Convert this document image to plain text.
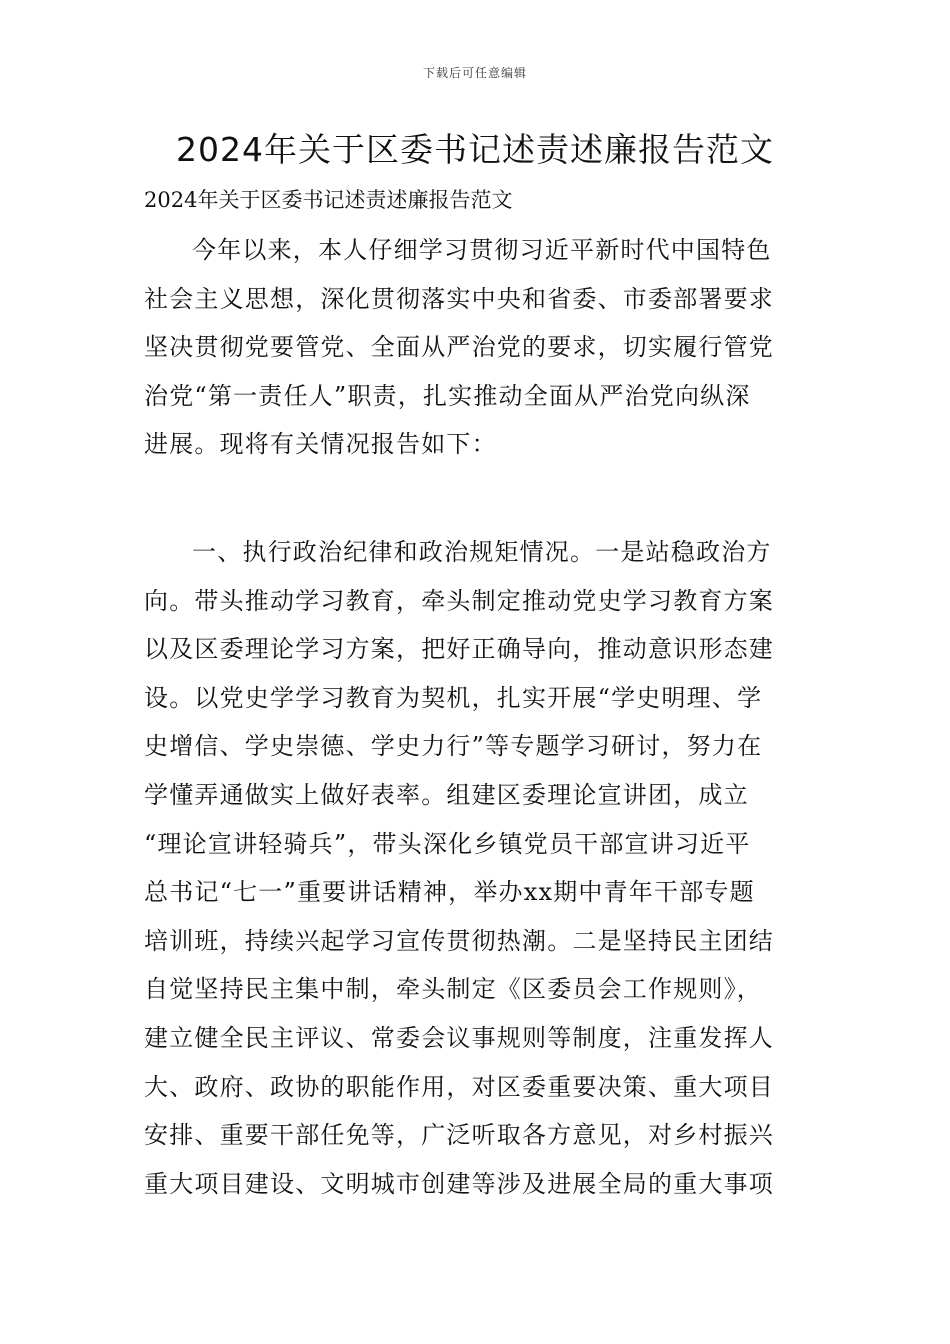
下载后可任意编辑
2024年关于区委书记述责述廉报告范文
2024年关于区委书记述责述廉报告范文
今年以来，本人仔细学习贯彻习近平新时代中国特色
社会主义思想，深化贯彻落实中央和省委、市委部署要求
坚决贯彻党要管党、全面从严治党的要求，切实履行管党
治党“第一责任人”职责，扎实推动全面从严治党向纵深
进展。现将有关情况报告如下：
一、执行政治纪律和政治规矩情况。一是站稳政治方
向。带头推动学习教育，牵头制定推动党史学习教育方案
以及区委理论学习方案，把好正确导向，推动意识形态建
设。以党史学学习教育为契机，扎实开展“学史明理、学
史增信、学史崇德、学史力行”等专题学习研讨，努力在
学懂弄通做实上做好表率。组建区委理论宣讲团，成立
“理论宣讲轻骑兵”，带头深化乡镇党员干部宣讲习近平
总书记“七一”重要讲话精神，举办xx期中青年干部专题
培训班，持续兴起学习宣传贯彻热潮。二是坚持民主团结
自觉坚持民主集中制，牵头制定《区委员会工作规则》，
建立健全民主评议、常委会议事规则等制度，注重发挥人
大、政府、政协的职能作用，对区委重要决策、重大项目
安排、重要干部任免等，广泛听取各方意见，对乡村振兴
重大项目建设、文明城市创建等涉及进展全局的重大事项
